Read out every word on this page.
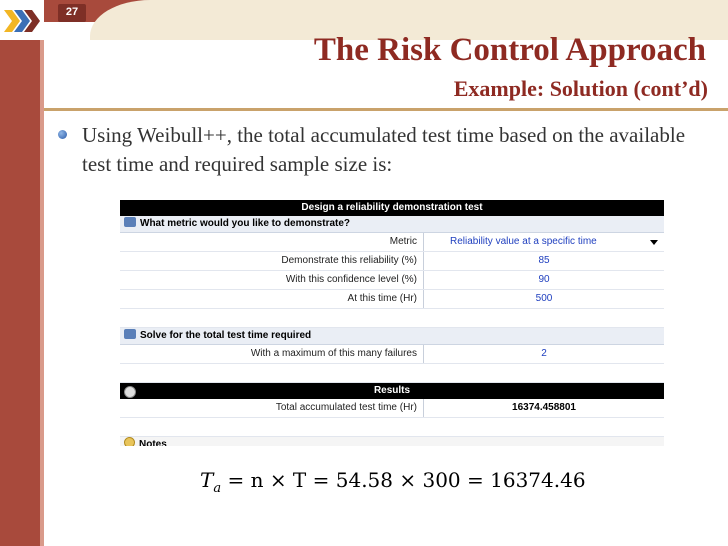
27
The Risk Control Approach
Example: Solution (cont’d)
Using Weibull++, the total accumulated test time based on the available test time and required sample size is:
Design a reliability demonstration test
What metric would you like to demonstrate?
Metric	Reliability value at a specific time
Demonstrate this reliability (%)	85
With this confidence level (%)	90
At this time (Hr)	500
Solve for the total test time required
With a maximum of this many failures	2
Results
Total accumulated test time (Hr)	16374.458801
Notes
$T_a = n \times T = 54.58 \times 300 = 16374.46$
